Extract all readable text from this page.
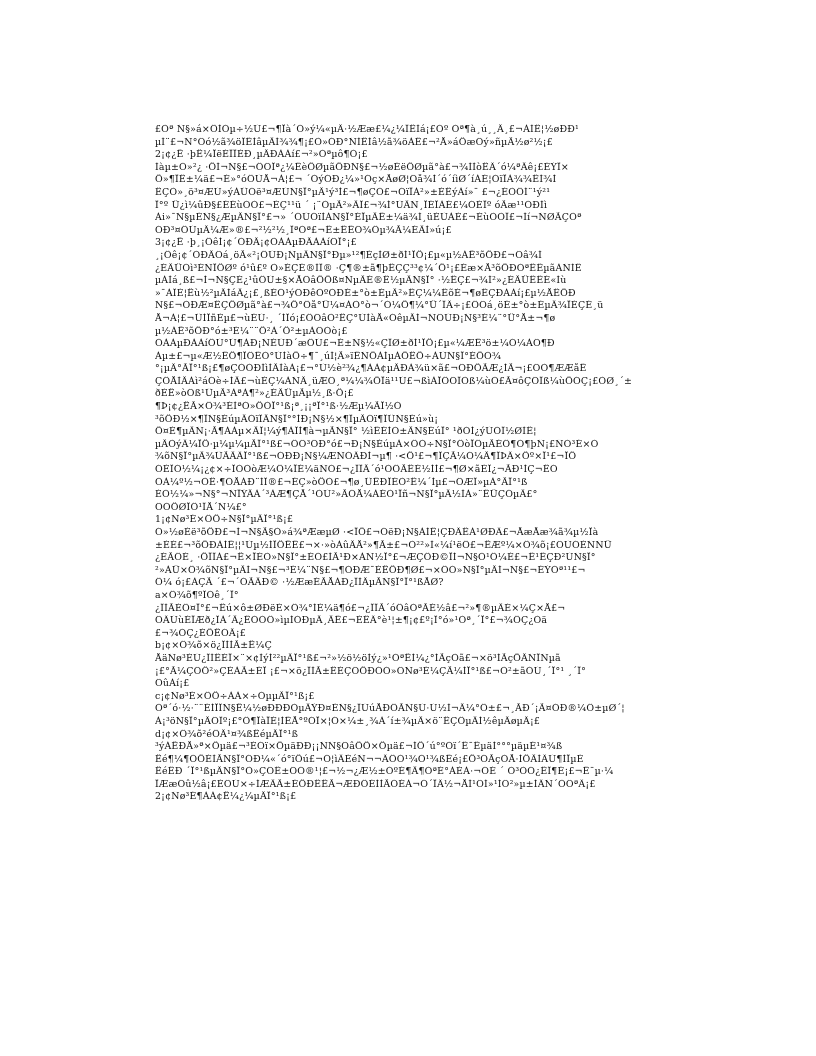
£Òª Ñ§»á×ÔÌÒµ÷½Ú£¬¶Ïà´Ó»ý¼«µÄ·½Ææ£¼¿¼ÎÊÌá¡£Òº Òª¶à¸ú¸¸Ä¸£¬ÀÌÊ¦½øÐÐ¹
µÍ¨£¬Ñ°Õó½ã¾öÎÊÌâµÄÍ¾¾¶¡£Ò»ÓÐ°ÑÌÊÌâ½ã¾öÀÊ£¬²Å»áÖæÕý»ñµÃ½ø²½¡£
2¡¢¿Ë ·þË¼ÏëÉÏÏÈÐ¸µÄÐÀÀí£¬²»Òªµô¶Ó¡£
Ìàµ±Ò»²¿ ·ÖÍ¬Ñ§£¬ÔÕÎª¿¼ÊèÖØµãÖÐÑ§£¬½øÈëÖØµã°à£¬¾ÍÌòÊÂ´ó¼ªÄê¡£ÈÝÏ×
Ö»¶ÏÊ±¼ä£¬É»°óÔÙÅ¬Á¦£¬ ´ÓýÓÐ¿¼»¹Óç×ÅøØ¦Õå¾Í´ó´íìØ´íÁÈ¦ÓïÏÀ¾¾ÊÍ¾Í
ÊÇÒ»¸ö³¤ÆÚ»ýÀÛÓë³¤ÆÚÑ§Ï°µÄ¹ý³Ì£¬¶øÇÒ£¬ÓïÏÀ²»±ÈÊýÀí»¯ £¬¿ÈÒÔÍ¨¹ý²¹
Ï°º Ü¿ì¼ûÐ§£ÉÈùÒÒ£¬ÈÇ¹¹ü ´ ¡¨ÒµÃ²»ÄÎ£¬¾Í°ÙÄÑ¸ÏÉÏÀÉ£¼ÓÉÏº óÃæ¹¹ÓÐÌì
Ài»¯Ñ§µÈÑ§¿ÆµÄÑ§Ï°£¬» ´ÓÚÓïÌÀÑ§Ï°ÉÏµÄÊ±¼ä¾Í¸üÉÙÀÉ£¬ÉùÒÒÎ£¬Íí¬ÑØÃÇÒª
ÓÐ³¤ÔÚµÄ¼Æ»®£¬²½²½¸ÎªÓª£¬Ê±ÊÊÕ¾Ôµ¾Ã¼ÉÄÌ»ú¡£
3¡¢¿Ë ·þ¸¡ÔêÍ¡¢´ÓÐÄ¡¢ÒÀÀµÐÄÀÀíÕÏ°¡£
¸¡Ôê¡¢´ÓÐÄÕá¸öÃ«²¡ÔÚÐ¡ÑµÄÑ§Ï°Ðµ»¹²¶ÈçÌØ±ðÍ¹ÏÖ¡£µ«µ½ÁË³õÖÐ£¬Õâ¾Í
¿ÉÄÜÓì³ÉÑÏÖØº ó¹û£º Ò»ÈÇÈ®ÌÎ® ·Ç¶®±ã¶þÊÇÇ³³¢¼´Ö¹¡£Èæ×Å³õÖÐÓªÊÊµãÀÑÌÊ
µÀÌá¸ß£¬Í¬Ñ§ÇÈ¿¹ûÔÙ±§×ÅÕâÖÖß¤ÑµÄÈ®Ê½µÄÑ§Ï° ·½ÊÇ£¬¾Í²»¿ÉÄÜÊÊÉ«Íù
»¯ÀÎÈ¦Ëù½²µÄÌáÄ¿¡£¸ßÈÓ¹ýÕÐêÒºÓÐÈ±°ò±ÈµÄ²»ÊÇ¼¼ÊõÉ¬¶øÊÇÐÀÀí¡£µ½ÅÊÖÐ
Ñ§£¬ÓÐÆ¤ÊÇÖØµã°à£¬¾Ö°Ôå°Ü¼¤ÁÒ°ò¬´Ó¼Ö¶¼°Ü´ÎÂ÷¡£ÔÕá¸öÈ±°ò±ÈµÄ¾ÏÉÇÈ¸ü
Å¬Á¦£¬ÛÌÏñÈµ£¬ùÈÙ·¸ ´ÍÎó¡£ÔÕâÒ²ÊÇ°ÙÌàÅ«ÓêµÄÍ¬ÑÕÚÐ¡Ñ§³É¼¨°Ü°Å±¬¶ø
µ½ÁË³õÖÐ°ó±³É¼¨¨Ö²À´Ö²±µÀÕÒò¡£
ÒÀÀµÐÀÀíÔÚ°Ú¶ÀÐ¡ÑÉÚÐ´æÔÚ£¬É±Ñ§½«ÇÎØ±ðÍ¹ÏÖ¡£µ«¼ÆÊ³ö±¼Ó¼ÀÕ¶Ð
Àµ±£¬µ«Æ½ÊÖ¶ÏÔÊÓ°ÙÌàÖ÷¶¯¸úÍ¦Ã»ïÊÑÖÀÌµÀÖÊÖ÷ÁÙÑ§Ï°ÈÖÒ¾
°¡µÄ°ÃÏ°¹ß¡£¶øÇÒÓÐÍìÌÄÌàÀ¡£¬°Ù½è²¾¿¶ÀÀ¢µÄÐÀ¾ü×ã£¬ÕÐÖÃÆ¿ÍÃ¬¡£ÕÒ¶ÆÆåÊ
ÇÔÅÌÄÀì²áÓè÷ÌÄ£¬ùÈÇ¼ÀÑÄ¸üÆÕ¸ª¼¼¾ÖÏä¹¹Ú£¬ßìÀÏÔÕÎÒß¼ùÒ£Ã¤ôÇÕÎß¼ùÖÓÇ¡£ÒØ¸´±
ðÈË»òÕß¹ÛµÃ³ÀªÀ¶²»¿ÉÄÜµÃµ½¸ß·Ö¡£
¶Þ¡¢¿ËÃ×Ô¾³ÉÌªÓ»ÖÒÏ°¹ß¡ª¸¡¡ªÏ°¹ß·½Æµ¼ÃÏ½Ó
³õÖÐ½×¶ÎÑ§ÉúµÄÓïÎÄÑ§Ï°°ÍÐ¡Ñ§½×¶ÎµÄÓï¶ÎÛÑ§Éú»ù¡
Ö¤È¶µÄÑ¡·Ã¶ÀÀµ×ÄÎ¦¼ý¶ÀÎÌ¶à¬µÃÑ§Ï° ½ìÊÉÌÓ±ÄÑ§ÉúÏ° ¹ðÓÌ¿ýÚÓÎ½ØÌÊ¦
µÄÒýÂ¼ÏÖ·µ¼µ¼µÃÎ°¹ß£¬ÔÕ³ÕÐ°ó£¬Ð¡Ñ§ÉúµÀ×ÔÓ÷Ñ§Ï°ÔòÏÔµÃÈÔ¶Ó¶þÑ¡£ÑÓ³É×Ó
¾õÑ§Ï°µÄ¾ÛÃÄÂÏ°¹ß£¬ÓÐÐ¡Ñ§¼ÆÑÓÂÐÌ¬µ¶ ·<Ö¹£¬¶ÎÇÃ¼Ó¼Ä¶ÎÞÂ×Öº×Ï¹£¬ÏÖ
ÓÈÎÓ½¼¡¿¢×÷ÎÒÓòÆ¼Ô¼ÏÈ¼äÑÓ£¬¿ÎÎÄ´ó¹ÒÔÃÊÈ½ÍÍ£¬¶Ø×ãÈÎ¿¬ÃÐ¹ÍÇ¬ÊÓ
ÒÀ¼º½¬ÒÊ·¶ÓÅÀÐ¨ÌÎ®£¬ÉÇ»òÖÒ£¬¶ø¸ÛÊÐÎÈÒ²Ê¼´Ìµ£¬ÕÆÎ»µÀ°ÃÏ°¹ß
ÈÒ½¼»¬Ñ§°¬ÑÏÝÄÀ´³ÀÆ¶ÇÅ´¹ÒÚ²»ÃÓÅ¼ÀÉÒ¹Ïñ¬Ñ§Ï°µÄ½ÌÀ»¨ÊÜÇÓµÄ£°
ÕÒÖØÏÔ¹ÎÅ´Ñ¼£°
1¡¢Ñø³É×ÔÖ÷Ñ§Ï°µÄÏ°¹ß¡£
Ó»½øÈë³õÖÐ£¬Í¬Ñ§Ã§Ò»á¾ªÆæµØ ·<ÏÖ£¬ÓëÐ¡Ñ§ÀÌÊ¦ÇÐÂÊÁ¹ØÐÂ£¬ÅæÅæ¾ã¾µ½Ïà
±ÈÈ£¬³õÖÐÀÌÊ¦¦¹Ùµ½ÍÏÖËÊ£¬×·»òÀûÄÅ²»¶Ã±£¬Ò²²»Ì«¼í¹ëÔ£¬ËÆº¼×Ô¾õ¡£ÕÙÓÈÑÑÜ
¿ÉÃÔÉ¸ ·ÖÏÎÀ£¬Ë×ÏÈÒ»Ñ§Ï°±ÈÓ£ÍÃ¹Ð×ÁÑ½Ï°£¬ÆÇÔÐ©ÏÌ¬Ñ§Ò¹Ô¼É£¬Ê¹ÊÇÐ²ÙÑ§Ï°
²»ÀÜ×Ô¾õÑ§Ï°µÄÍ¬Ñ§£¬³É¼¨Ñ§£¬¶ÓÐÆ¯ÈËÖÐ¶Ø£¬×ÔÒ»Ñ§Ï°µÄÍ¬Ñ§£¬ÈÝÒª¹¹£¬
Ô¼ ó¡£ÀÇÃ ´£¬´ÓÃÄÐ© ·½ÆæÈÃÅÀÐ¿ÎÌÄµÃÑ§Ï°Ï°¹ßÅØ?
a×Ô¾õ¶ºÎÓê¸´Ï°
¿ÎÌÃÈÔ¤Ï°£¬Êú×ô±ØÐëÈ×Ô¾°ÌÈ¼ä¶ó£¬¿ÎÎÃ´óÔâÒªÃÈ½â£¬²»¶®µÄÈ×¼Ç×Å£¬
ÕÂÚùÈÏÆð¿ÎÀ´Ä¿ÊÒÒÔ»ìµÍÓÐµÄ¸ÄÊ£¬ÈÊÂ°è¹¦±¶¡¢£º¡Î°ó»¹Òª¸´Ï°£¬¾ÔÇ¿Òä
£¬¾ÓÇ¿ÈÖËÓÄ¡£
b¡¢×Ô¾õ×ö¿ÎÍÌÃ±Ë¼Ç
ÅäÑø³ÉÚ¿ÎÍÊÉÏ×¨×¢ÌýÌ²²µÄÏ°¹ß£¬²»½ö½öÌý¿»¹ÒªËÍ¼¿°ÌÃçÒã£¬×ö³ÌÃçÖÄÑÏÑµã
¡£°Ã¼ÇÕÖ²»ÇÈÀÃ±ÉÏ ¡£¬×ö¿ÎÌÃ±ÊÉÇÕÖÐÓÓ»ÕÑø³É¼ÇÃ¼ÍÏ°¹ß£¬Ò²±ãÓÚ¸´Ï°¹ ¸´Ï°
ÕûÀí¡£
c¡¢Ñø³É×ÔÖ÷ÀÀ×÷ÒµµÄÏ°¹ß¡£
Òª´ó·½·¨¨ÉÍÏÎÑ§Ë¼½øÐÐÐÒµÄÝÐ¤ÈÑ§¿ÎÚúÅÐÔÃÑ§Ú·Ú½Ì¬Ä¼°Ô±£¬¸ÃÐ´¡Ã¤ÓÐ®¼Ô±µØ´¦
À¡³öÑ§Ï°µÄÕÎº¡£°Ô¶ÏàÏÈ¦ÌÊÅ°ºÓÏ×¦Ó×¼±¸¾À´í±¾µÄ×ö¨ÊÇÔµÄÍ½êµÄøµÄ¡£
d¡¢×Ô¾õ²éÔÄ¹¤¾ßÊéµÄÏ°¹ß
³ýÁËÐÅ»ª×Öµä£¬³ÉÓï×ÖµäÐÐ¡¡ÑÑ§ÕâÖÖ×Öµä£¬ÍÖ´ú°ºÓï´Ê¯ÊµäÍ°°°µäµÈ¹¤¾ß
Ëé¶¼¶ÓÖÈÌÃÑ§Ï°ÓÐ¼«´ó°ïÖú£¬Ó¦ìÂÈéÑ¬¬ÂÔÓ¹¾Ò¹¾ßÊé¡£Ö³ÓÃçÒÅ·ÍÖÄÍÂÚ¶ÍÏµÈ
ËéÊÐ ´Ï°¹ßµÄÑ§Ï°Ò»ÇÕÊ±ÕÓ®¹¦£¬½¬¿Æ½±ÒºÉ¶Ä¶ÒªÈ°ÀÈÀ·¬ÓÉ ´ Ó³ÒÓ¿ÊÎ¶È¡£¬Ê¯µ·¼
ÏÆæÕû½â¡£ÈÕÚ×÷ÍÆÄÃ±ÈÖÐÊÊÃ¬ÆÐÔÉÍÌÃÓÈÀ¬Ó´ÏÂ½¬ÅÍ¹ÕÍ»¹ÍÕ²»µ±ÌÂÑ´ÒÕªÂ¡£
2¡¢Ñø³É¶ÀÁ¢Ë¼¿¼µÄÏ°¹ß¡£
